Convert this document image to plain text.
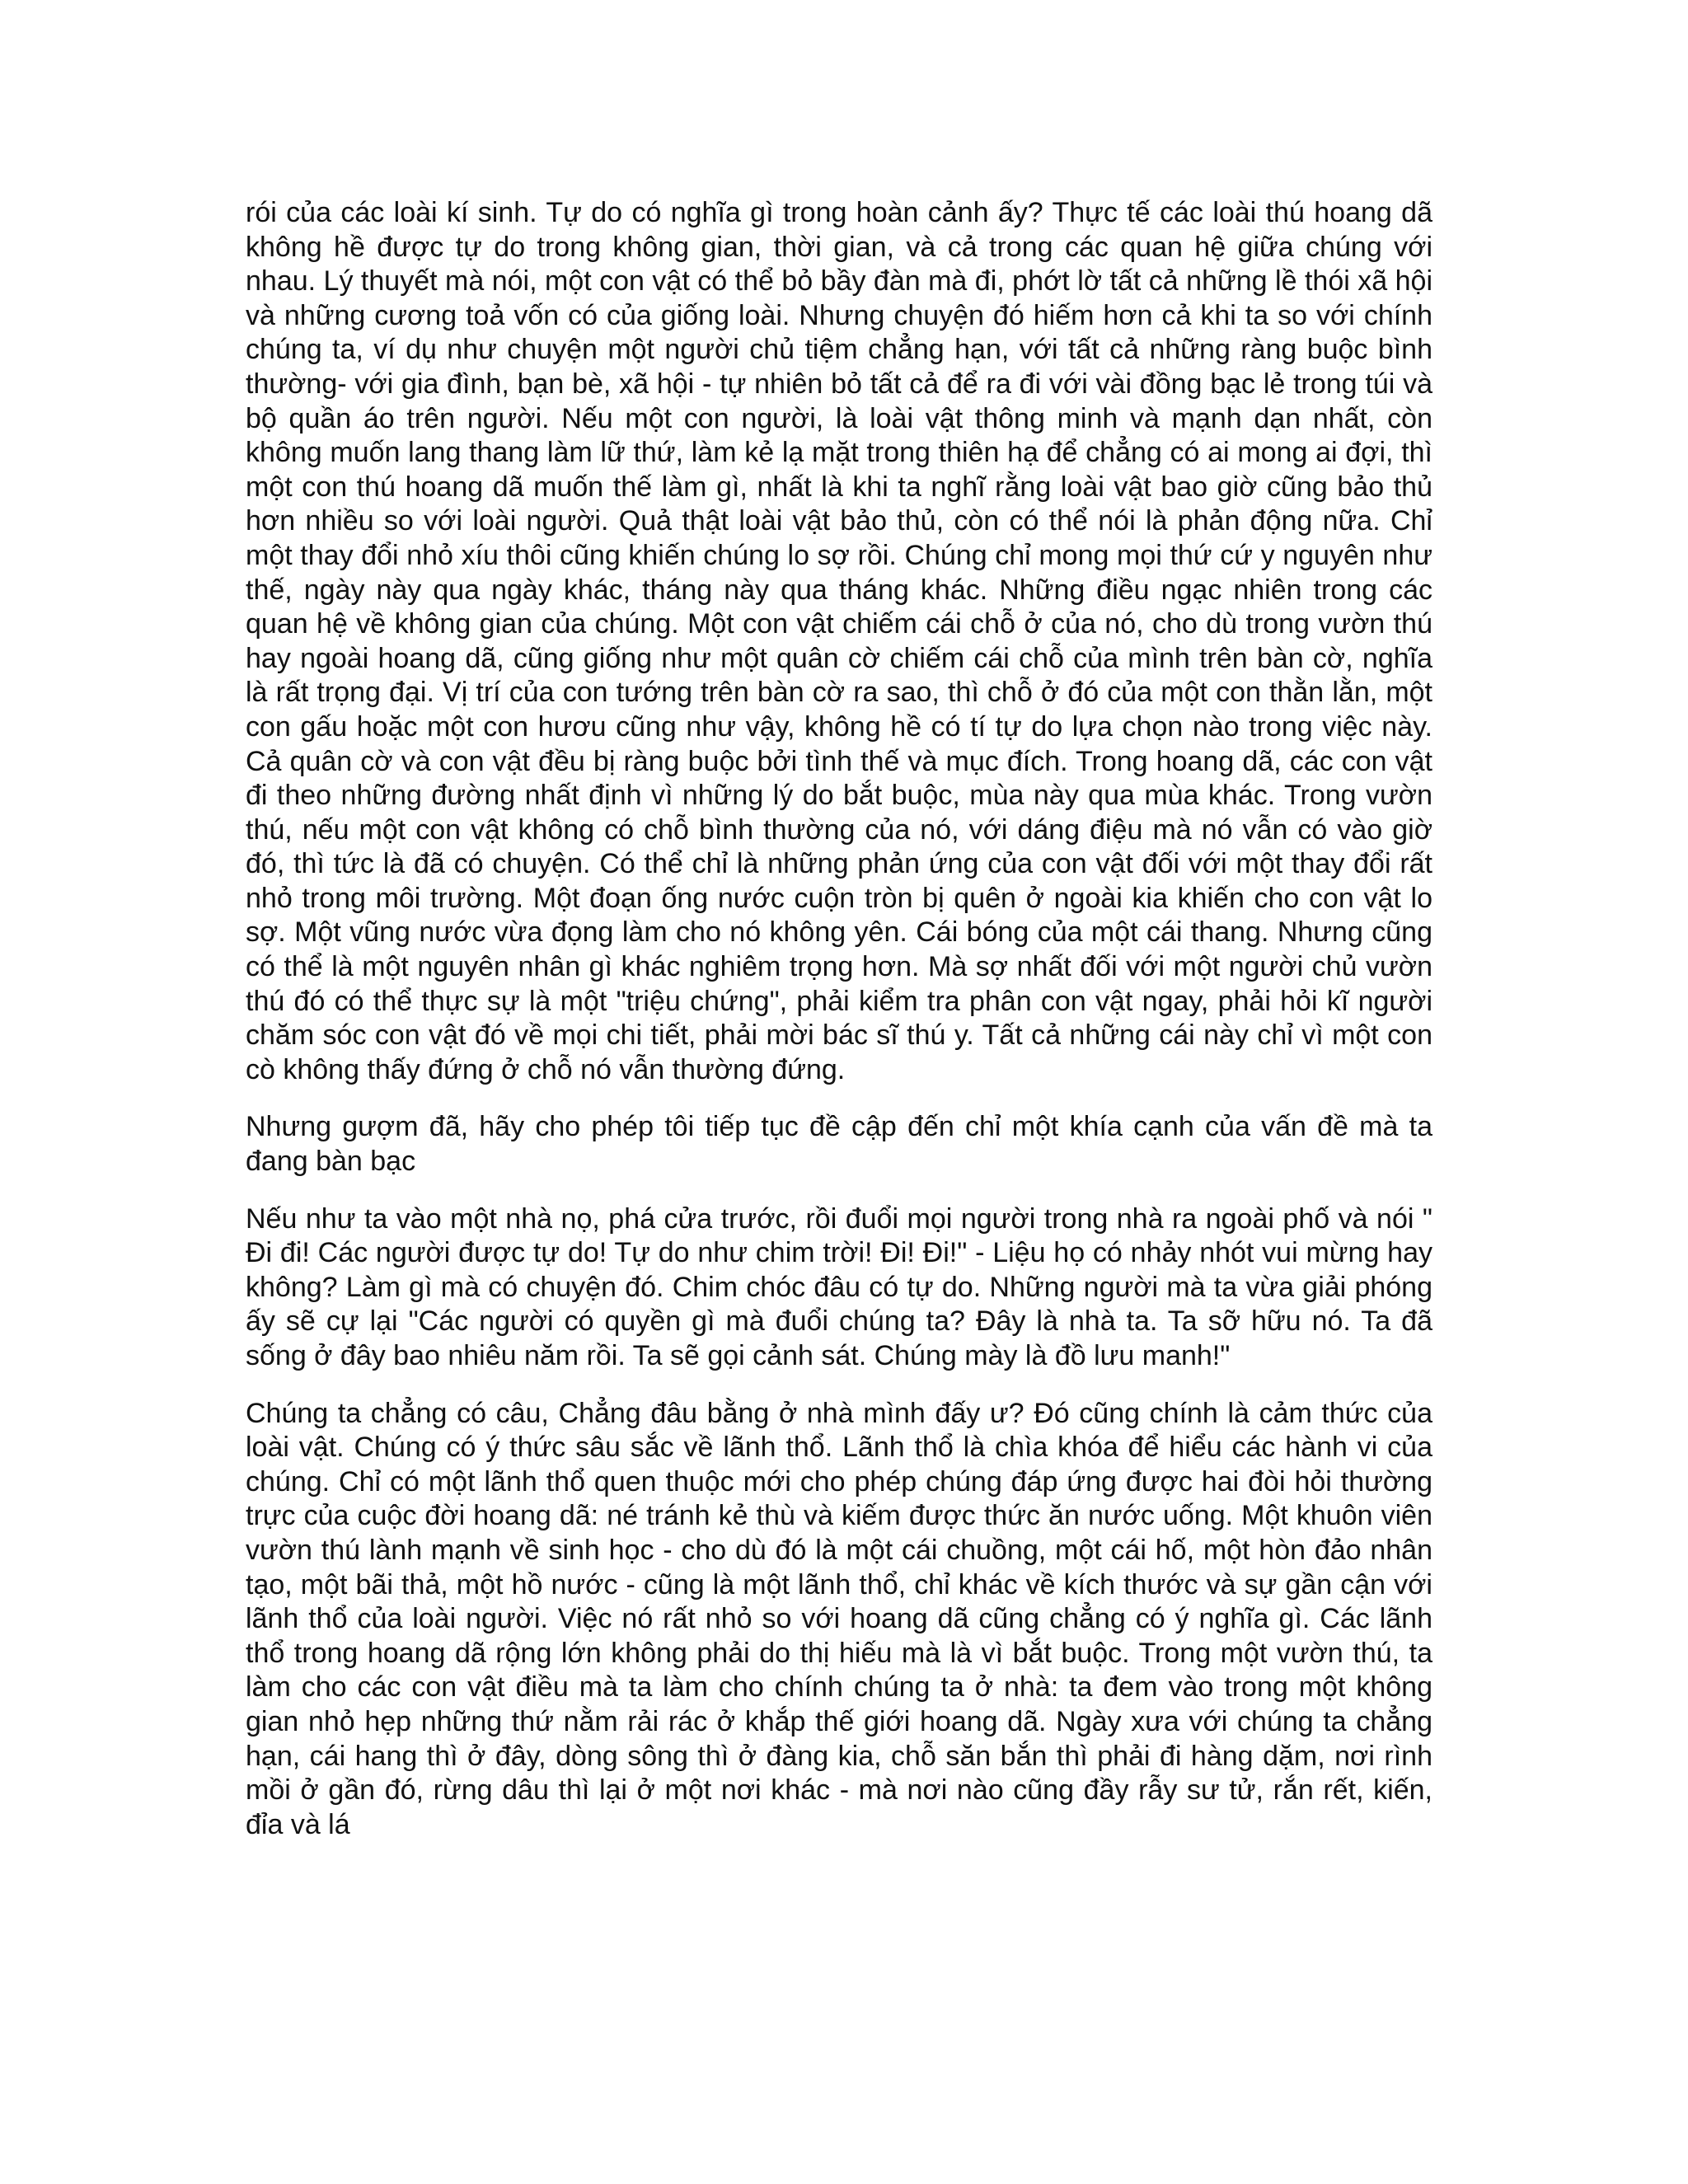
rói của các loài kí sinh. Tự do có nghĩa gì trong hoàn cảnh ấy? Thực tế các loài thú hoang dã không hề được tự do trong không gian, thời gian, và cả trong các quan hệ giữa chúng với nhau. Lý thuyết mà nói, một con vật có thể bỏ bầy đàn mà đi, phớt lờ tất cả những lề thói xã hội và những cương toả vốn có của giống loài. Nhưng chuyện đó hiếm hơn cả khi ta so với chính chúng ta, ví dụ như chuyện một người chủ tiệm chẳng hạn, với tất cả những ràng buộc bình thường- với gia đình, bạn bè, xã hội - tự nhiên bỏ tất cả để ra đi với vài đồng bạc lẻ trong túi và bộ quần áo trên người. Nếu một con người, là loài vật thông minh và mạnh dạn nhất, còn không muốn lang thang làm lữ thứ, làm kẻ lạ mặt trong thiên hạ để chẳng có ai mong ai đợi, thì một con thú hoang dã muốn thế làm gì, nhất là khi ta nghĩ rằng loài vật bao giờ cũng bảo thủ hơn nhiều so với loài người. Quả thật loài vật bảo thủ, còn có thể nói là phản động nữa. Chỉ một thay đổi nhỏ xíu thôi cũng khiến chúng lo sợ rồi. Chúng chỉ mong mọi thứ cứ y nguyên như thế, ngày này qua ngày khác, tháng này qua tháng khác. Những điều ngạc nhiên trong các quan hệ về không gian của chúng. Một con vật chiếm cái chỗ ở của nó, cho dù trong vườn thú hay ngoài hoang dã, cũng giống như một quân cờ chiếm cái chỗ của mình trên bàn cờ, nghĩa là rất trọng đại. Vị trí của con tướng trên bàn cờ ra sao, thì chỗ ở đó của một con thằn lằn, một con gấu hoặc một con hươu cũng như vậy, không hề có tí tự do lựa chọn nào trong việc này. Cả quân cờ và con vật đều bị ràng buộc bởi tình thế và mục đích. Trong hoang dã, các con vật đi theo những đường nhất định vì những lý do bắt buộc, mùa này qua mùa khác. Trong vườn thú, nếu một con vật không có chỗ bình thường của nó, với dáng điệu mà nó vẫn có vào giờ đó, thì tức là đã có chuyện. Có thể chỉ là những phản ứng của con vật đối với một thay đổi rất nhỏ trong môi trường. Một đoạn ống nước cuộn tròn bị quên ở ngoài kia khiến cho con vật lo sợ. Một vũng nước vừa đọng làm cho nó không yên. Cái bóng của một cái thang. Nhưng cũng có thể là một nguyên nhân gì khác nghiêm trọng hơn. Mà sợ nhất đối với một người chủ vườn thú đó có thể thực sự là một "triệu chứng", phải kiểm tra phân con vật ngay, phải hỏi kĩ người chăm sóc con vật đó về mọi chi tiết, phải mời bác sĩ thú y. Tất cả những cái này chỉ vì một con cò không thấy đứng ở chỗ nó vẫn thường đứng.

Nhưng gượm đã, hãy cho phép tôi tiếp tục đề cập đến chỉ một khía cạnh của vấn đề mà ta đang bàn bạc

Nếu như ta vào một nhà nọ, phá cửa trước, rồi đuổi mọi người trong nhà ra ngoài phố và nói " Đi đi! Các người được tự do! Tự do như chim trời! Đi! Đi!" - Liệu họ có nhảy nhót vui mừng hay không? Làm gì mà có chuyện đó. Chim chóc đâu có tự do. Những người mà ta vừa giải phóng ấy sẽ cự lại "Các người có quyền gì mà đuổi chúng ta? Đây là nhà ta. Ta sỡ hữu nó. Ta đã sống ở đây bao nhiêu năm rồi. Ta sẽ gọi cảnh sát. Chúng mày là đồ lưu manh!"

Chúng ta chẳng có câu, Chẳng đâu bằng ở nhà mình đấy ư? Đó cũng chính là cảm thức của loài vật. Chúng có ý thức sâu sắc về lãnh thổ. Lãnh thổ là chìa khóa để hiểu các hành vi của chúng. Chỉ có một lãnh thổ quen thuộc mới cho phép chúng đáp ứng được hai đòi hỏi thường trực của cuộc đời hoang dã: né tránh kẻ thù và kiếm được thức ăn nước uống. Một khuôn viên vườn thú lành mạnh về sinh học - cho dù đó là một cái chuồng, một cái hố, một hòn đảo nhân tạo, một bãi thả, một hồ nước - cũng là một lãnh thổ, chỉ khác về kích thước và sự gần cận với lãnh thổ của loài người. Việc nó rất nhỏ so với hoang dã cũng chẳng có ý nghĩa gì. Các lãnh thổ trong hoang dã rộng lớn không phải do thị hiếu mà là vì bắt buộc. Trong một vườn thú, ta làm cho các con vật điều mà ta làm cho chính chúng ta ở nhà: ta đem vào trong một không gian nhỏ hẹp những thứ nằm rải rác ở khắp thế giới hoang dã. Ngày xưa với chúng ta chẳng hạn, cái hang thì ở đây, dòng sông thì ở đàng kia, chỗ săn bắn thì phải đi hàng dặm, nơi rình mồi ở gần đó, rừng dâu thì lại ở một nơi khác - mà nơi nào cũng đầy rẫy sư tử, rắn rết, kiến, đỉa và lá
